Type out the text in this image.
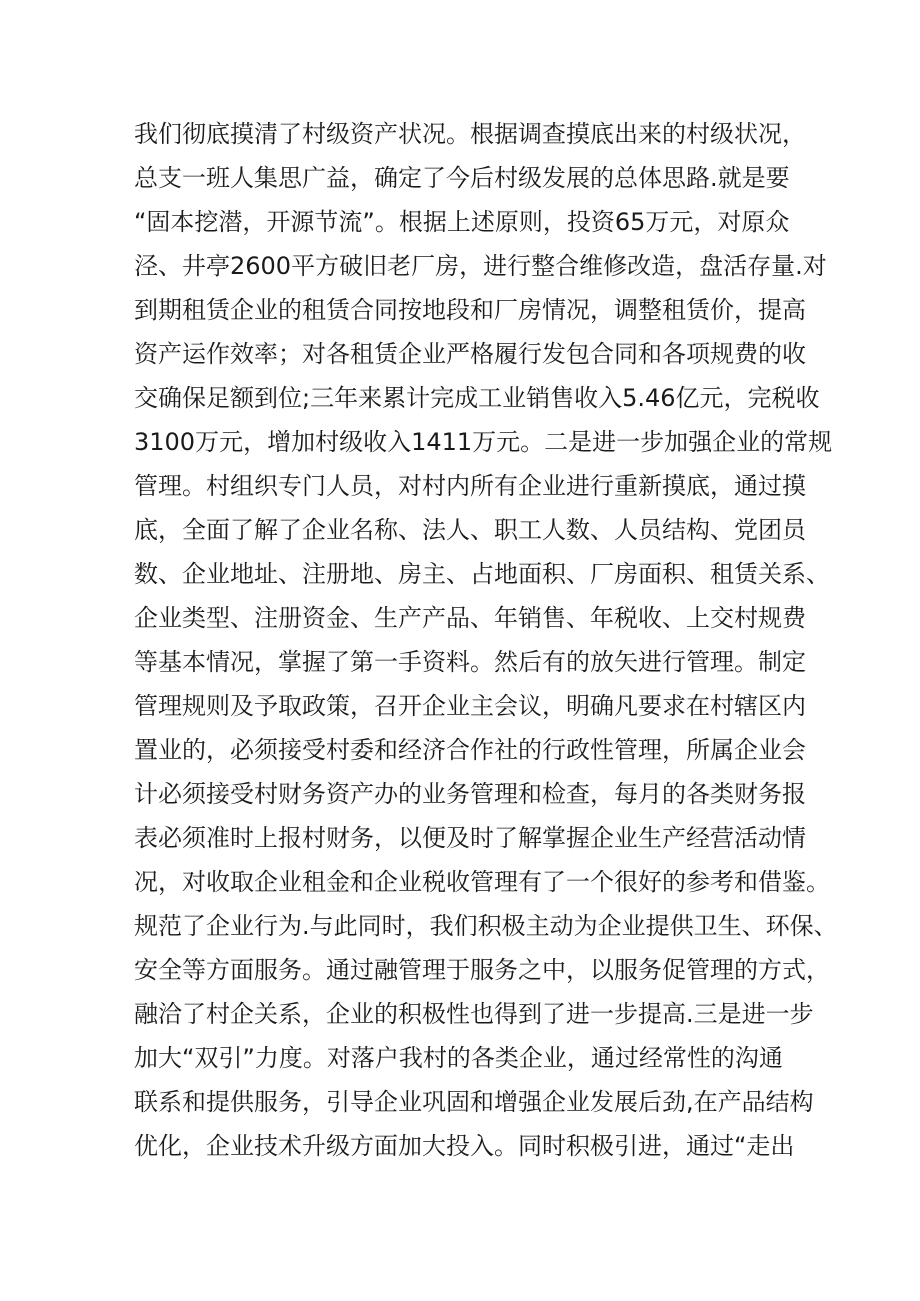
我们彻底摸清了村级资产状况。根据调查摸底出来的村级状况，
总支一班人集思广益，确定了今后村级发展的总体思路.就是要
“固本挖潜，开源节流”。根据上述原则，投资65万元，对原众
泾、井亭2600平方破旧老厂房，进行整合维修改造，盘活存量.对
到期租赁企业的租赁合同按地段和厂房情况，调整租赁价，提高
资产运作效率；对各租赁企业严格履行发包合同和各项规费的收
交确保足额到位;三年来累计完成工业销售收入5.46亿元，完税收
3100万元，增加村级收入1411万元。二是进一步加强企业的常规
管理。村组织专门人员，对村内所有企业进行重新摸底，通过摸
底，全面了解了企业名称、法人、职工人数、人员结构、党团员
数、企业地址、注册地、房主、占地面积、厂房面积、租赁关系、
企业类型、注册资金、生产产品、年销售、年税收、上交村规费
等基本情况，掌握了第一手资料。然后有的放矢进行管理。制定
管理规则及予取政策，召开企业主会议，明确凡要求在村辖区内
置业的，必须接受村委和经济合作社的行政性管理，所属企业会
计必须接受村财务资产办的业务管理和检查，每月的各类财务报
表必须准时上报村财务，以便及时了解掌握企业生产经营活动情
况，对收取企业租金和企业税收管理有了一个很好的参考和借鉴。
规范了企业行为.与此同时，我们积极主动为企业提供卫生、环保、
安全等方面服务。通过融管理于服务之中，以服务促管理的方式，
融洽了村企关系，企业的积极性也得到了进一步提高.三是进一步
加大“双引”力度。对落户我村的各类企业，通过经常性的沟通
联系和提供服务，引导企业巩固和增强企业发展后劲,在产品结构
优化，企业技术升级方面加大投入。同时积极引进，通过“走出
